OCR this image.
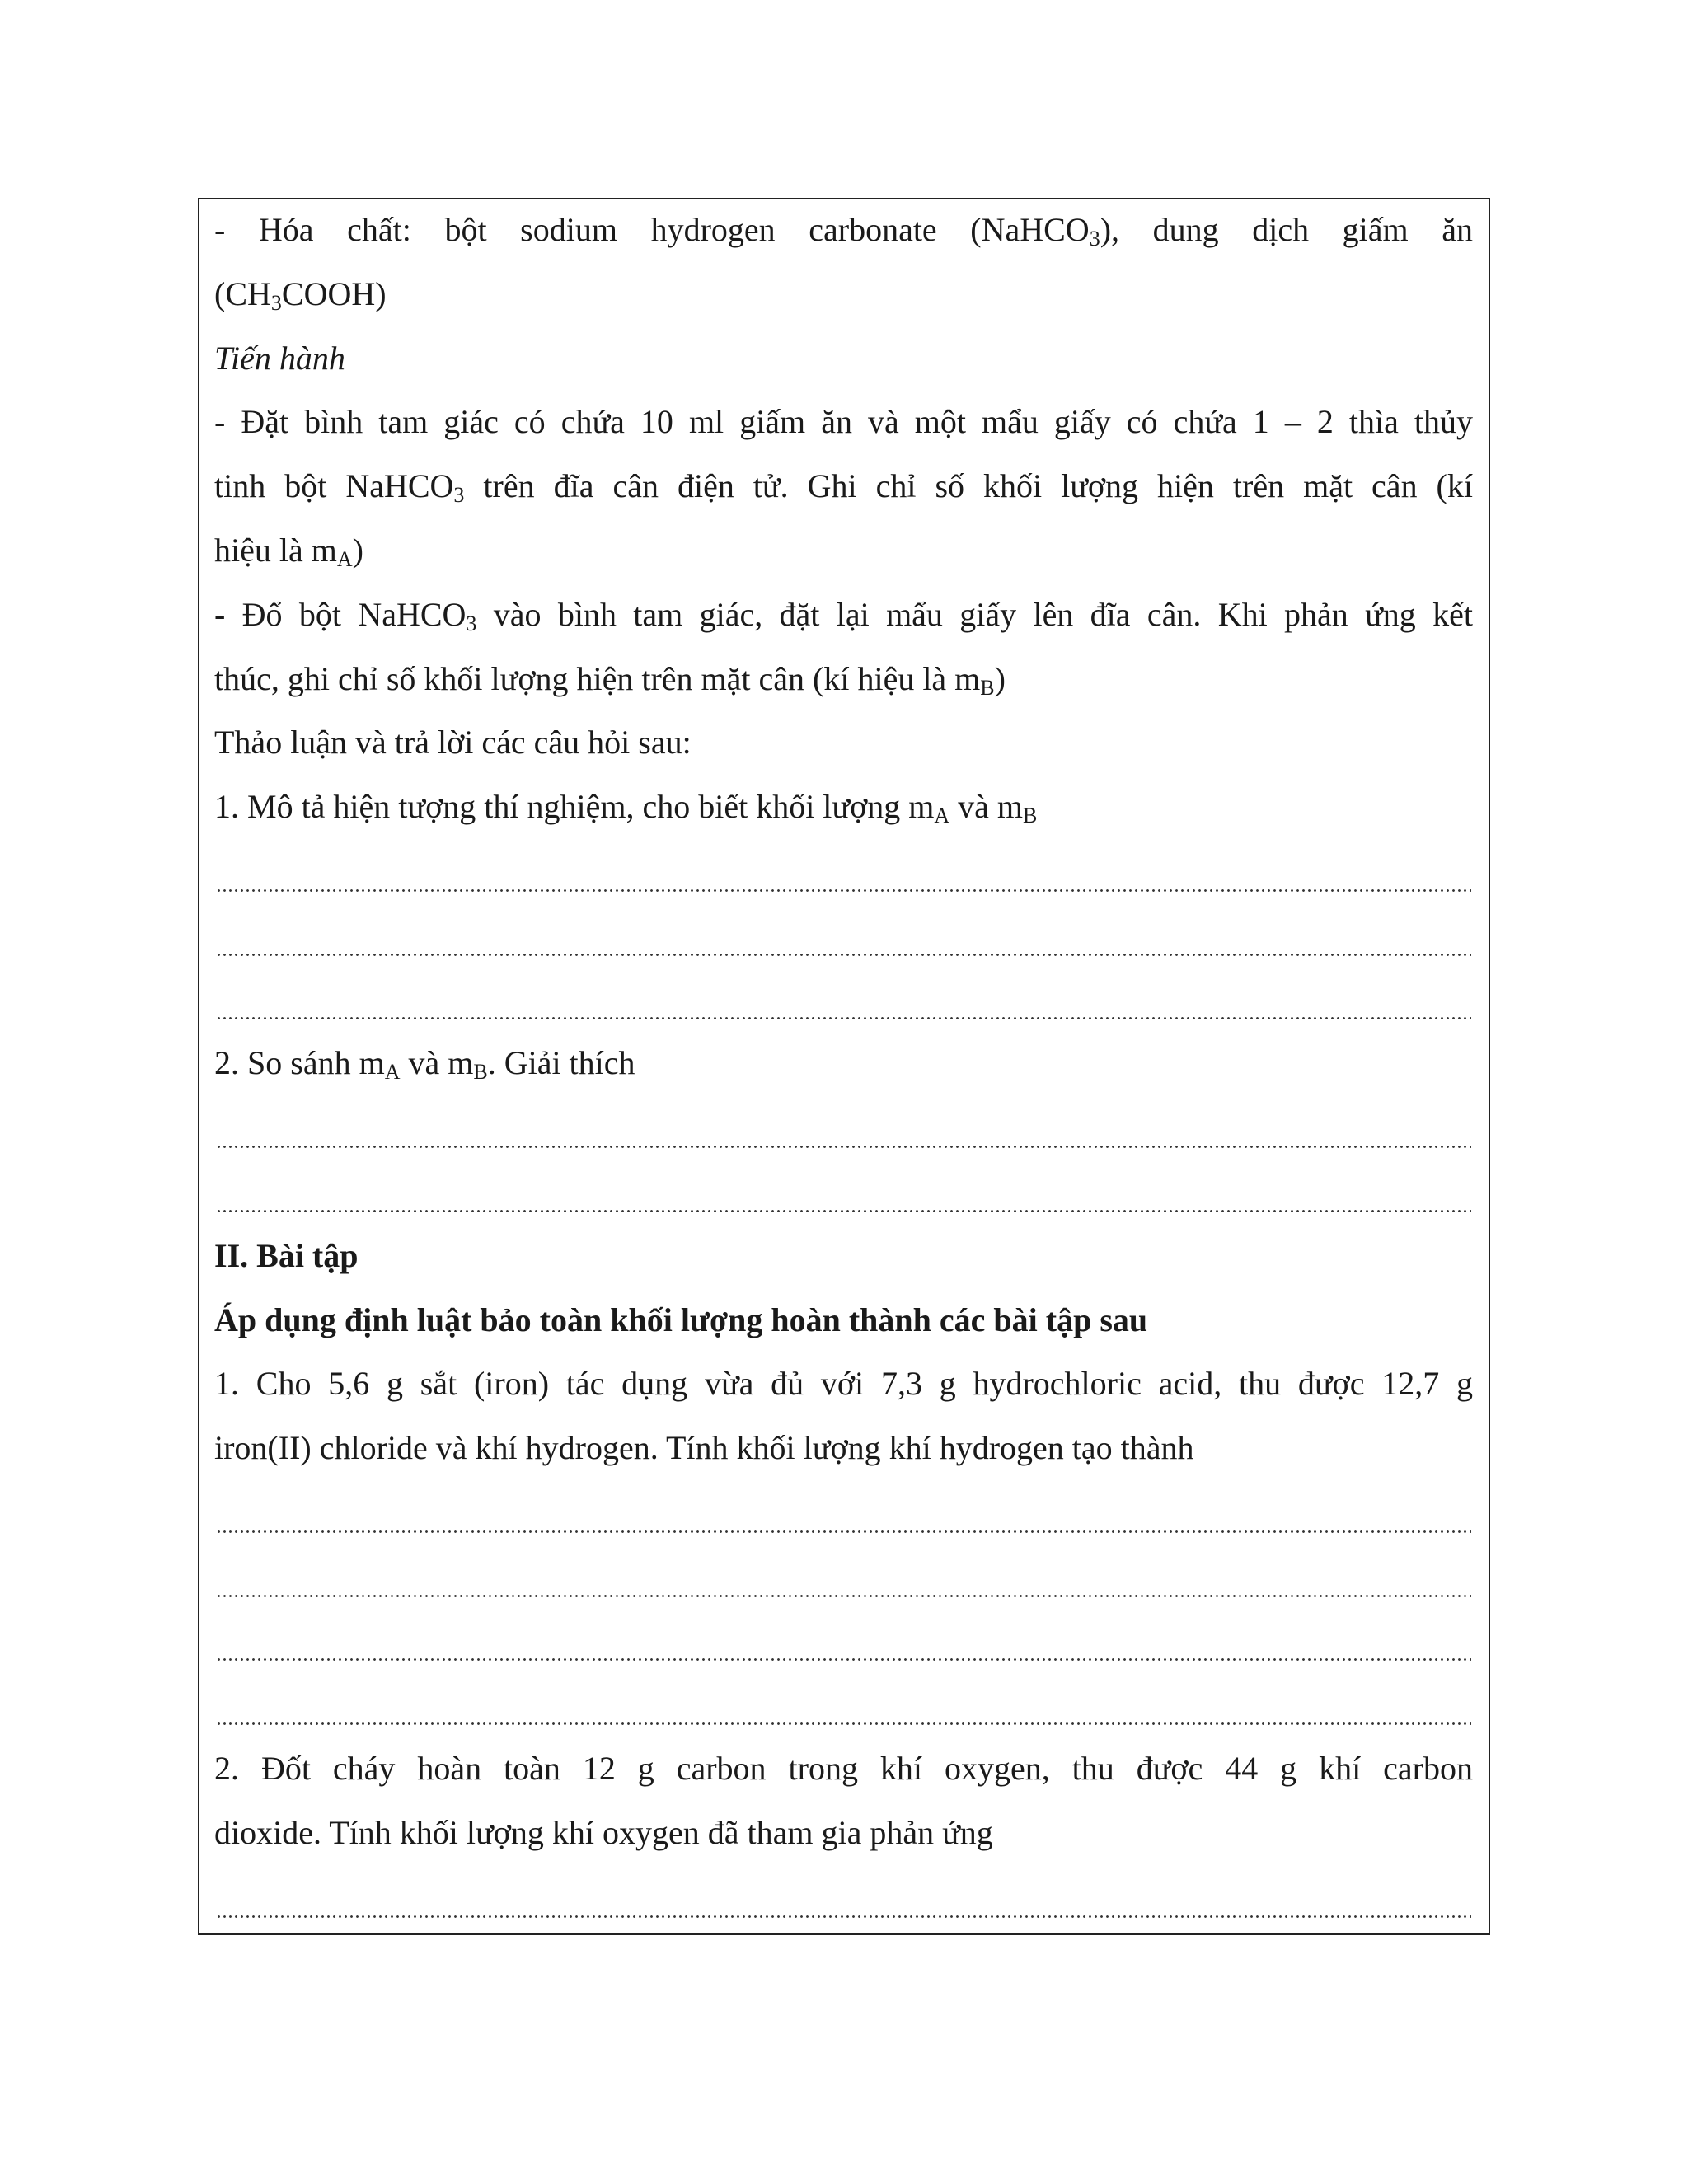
- Hóa chất: bột sodium hydrogen carbonate (NaHCO$_3$), dung dịch giấm ăn
$(CH_3COOH)$
Tiến hành
- Đặt bình tam giác có chứa 10 ml giấm ăn và một mẩu giấy có chứa 1 – 2 thìa thủy
tinh bột NaHCO$_3$ trên đĩa cân điện tử. Ghi chỉ số khối lượng hiện trên mặt cân (kí
hiệu là $m_A$)
- Đổ bột NaHCO$_3$ vào bình tam giác, đặt lại mẩu giấy lên đĩa cân. Khi phản ứng kết
thúc, ghi chỉ số khối lượng hiện trên mặt cân (kí hiệu là $m_B$)
Thảo luận và trả lời các câu hỏi sau:
1. Mô tả hiện tượng thí nghiệm, cho biết khối lượng $m_A$ và $m_B$
2. So sánh $m_A$ và $m_B$. Giải thích
II. Bài tập
Áp dụng định luật bảo toàn khối lượng hoàn thành các bài tập sau
1. Cho 5,6 g sắt (iron) tác dụng vừa đủ với 7,3 g hydrochloric acid, thu được 12,7 g
iron(II) chloride và khí hydrogen. Tính khối lượng khí hydrogen tạo thành
2. Đốt cháy hoàn toàn 12 g carbon trong khí oxygen, thu được 44 g khí carbon
dioxide. Tính khối lượng khí oxygen đã tham gia phản ứng
